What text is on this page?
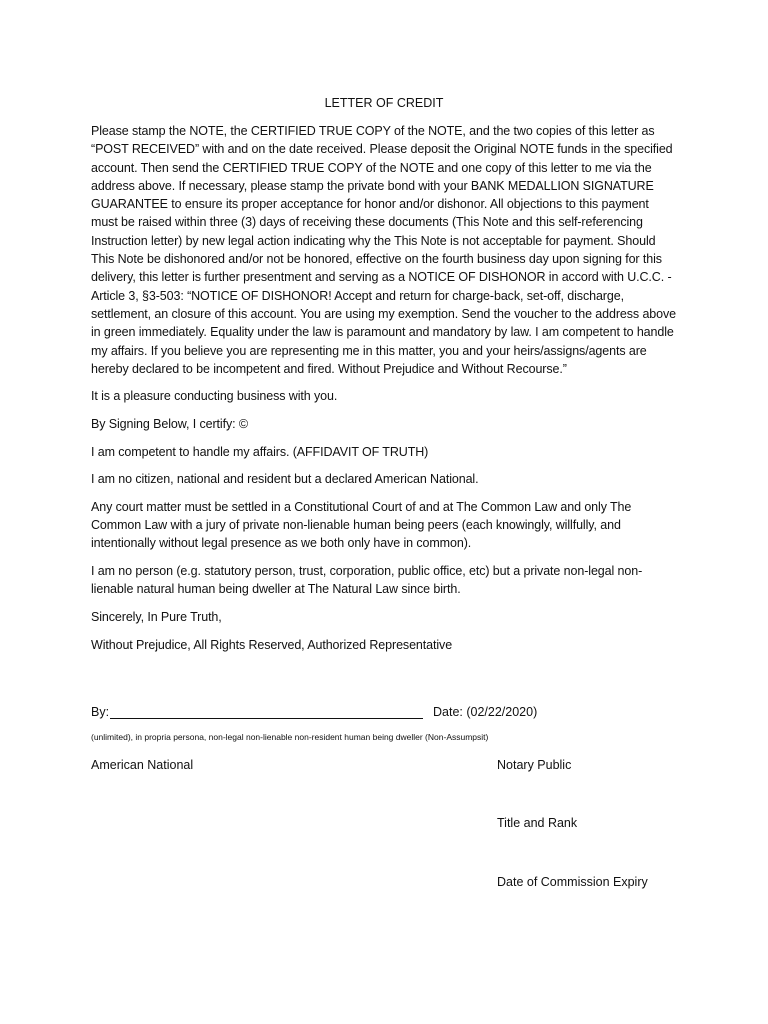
LETTER OF CREDIT

Please stamp the NOTE, the CERTIFIED TRUE COPY of the NOTE, and the two copies of this letter as “POST RECEIVED” with and on the date received. Please deposit the Original NOTE funds in the specified account. Then send the CERTIFIED TRUE COPY of the NOTE and one copy of this letter to me via the address above. If necessary, please stamp the private bond with your BANK MEDALLION SIGNATURE GUARANTEE to ensure its proper acceptance for honor and/or dishonor. All objections to this payment must be raised within three (3) days of receiving these documents (This Note and this self-referencing Instruction letter) by new legal action indicating why the This Note is not acceptable for payment. Should This Note be dishonored and/or not be honored, effective on the fourth business day upon signing for this delivery, this letter is further presentment and serving as a NOTICE OF DISHONOR in accord with U.C.C. - Article 3, §3-503: “NOTICE OF DISHONOR! Accept and return for charge-back, set-off, discharge, settlement, an closure of this account. You are using my exemption. Send the voucher to the address above in green immediately. Equality under the law is paramount and mandatory by law. I am competent to handle my affairs. If you believe you are representing me in this matter, you and your heirs/assigns/agents are hereby declared to be incompetent and fired. Without Prejudice and Without Recourse.”

It is a pleasure conducting business with you.

By Signing Below, I certify: ©

I am competent to handle my affairs. (AFFIDAVIT OF TRUTH)

I am no citizen, national and resident but a declared American National.

Any court matter must be settled in a Constitutional Court of and at The Common Law and only The Common Law with a jury of private non-lienable human being peers (each knowingly, willfully, and intentionally without legal presence as we both only have in common).

I am no person (e.g. statutory person, trust, corporation, public office, etc) but a private non-legal non-lienable natural human being dweller at The Natural Law since birth.

Sincerely, In Pure Truth,

Without Prejudice, All Rights Reserved, Authorized Representative

By:	Date: (02/22/2020)
(unlimited), in propria persona, non-legal non-lienable non-resident human being dweller (Non-Assumpsit)
American National	Notary Public
Title and Rank
Date of Commission Expiry
